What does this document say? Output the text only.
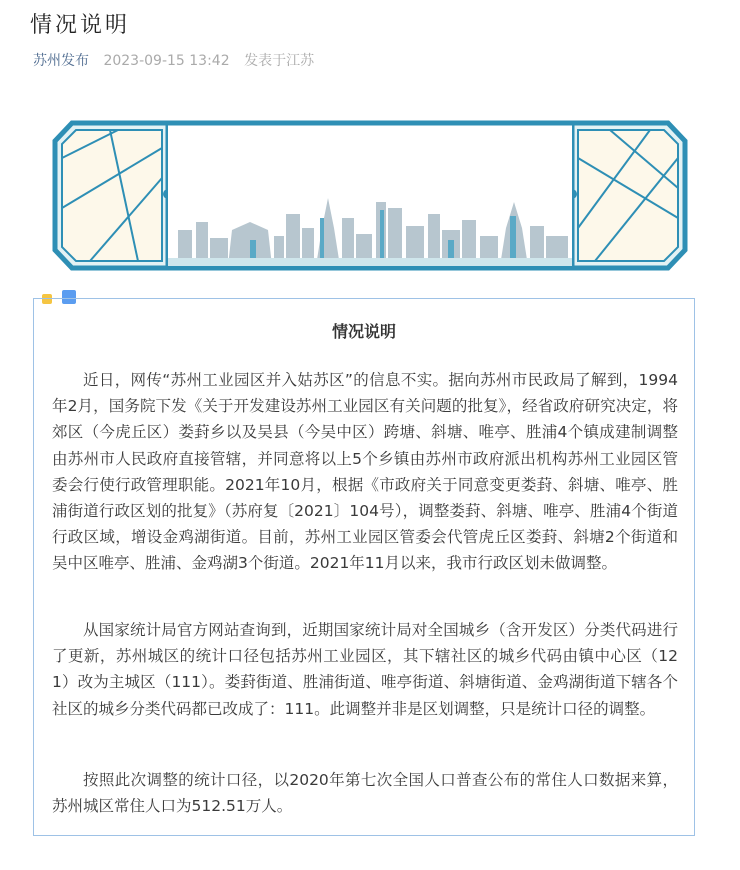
情况说明
苏州发布 2023-09-15 13:42 发表于江苏
情况说明

近日，网传“苏州工业园区并入姑苏区”的信息不实。据向苏州市民政局了解到，1994年2月，国务院下发《关于开发建设苏州工业园区有关问题的批复》，经省政府研究决定，将郊区（今虎丘区）娄葑乡以及吴县（今吴中区）跨塘、斜塘、唯亭、胜浦4个镇成建制调整由苏州市人民政府直接管辖，并同意将以上5个乡镇由苏州市政府派出机构苏州工业园区管委会行使行政管理职能。2021年10月，根据《市政府关于同意变更娄葑、斜塘、唯亭、胜浦街道行政区划的批复》（苏府复〔2021〕104号），调整娄葑、斜塘、唯亭、胜浦4个街道行政区域，增设金鸡湖街道。目前，苏州工业园区管委会代管虎丘区娄葑、斜塘2个街道和吴中区唯亭、胜浦、金鸡湖3个街道。2021年11月以来，我市行政区划未做调整。

从国家统计局官方网站查询到，近期国家统计局对全国城乡（含开发区）分类代码进行了更新，苏州城区的统计口径包括苏州工业园区，其下辖社区的城乡代码由镇中心区（121）改为主城区（111）。娄葑街道、胜浦街道、唯亭街道、斜塘街道、金鸡湖街道下辖各个社区的城乡分类代码都已改成了：111。此调整并非是区划调整，只是统计口径的调整。

按照此次调整的统计口径，以2020年第七次全国人口普查公布的常住人口数据来算，苏州城区常住人口为512.51万人。
